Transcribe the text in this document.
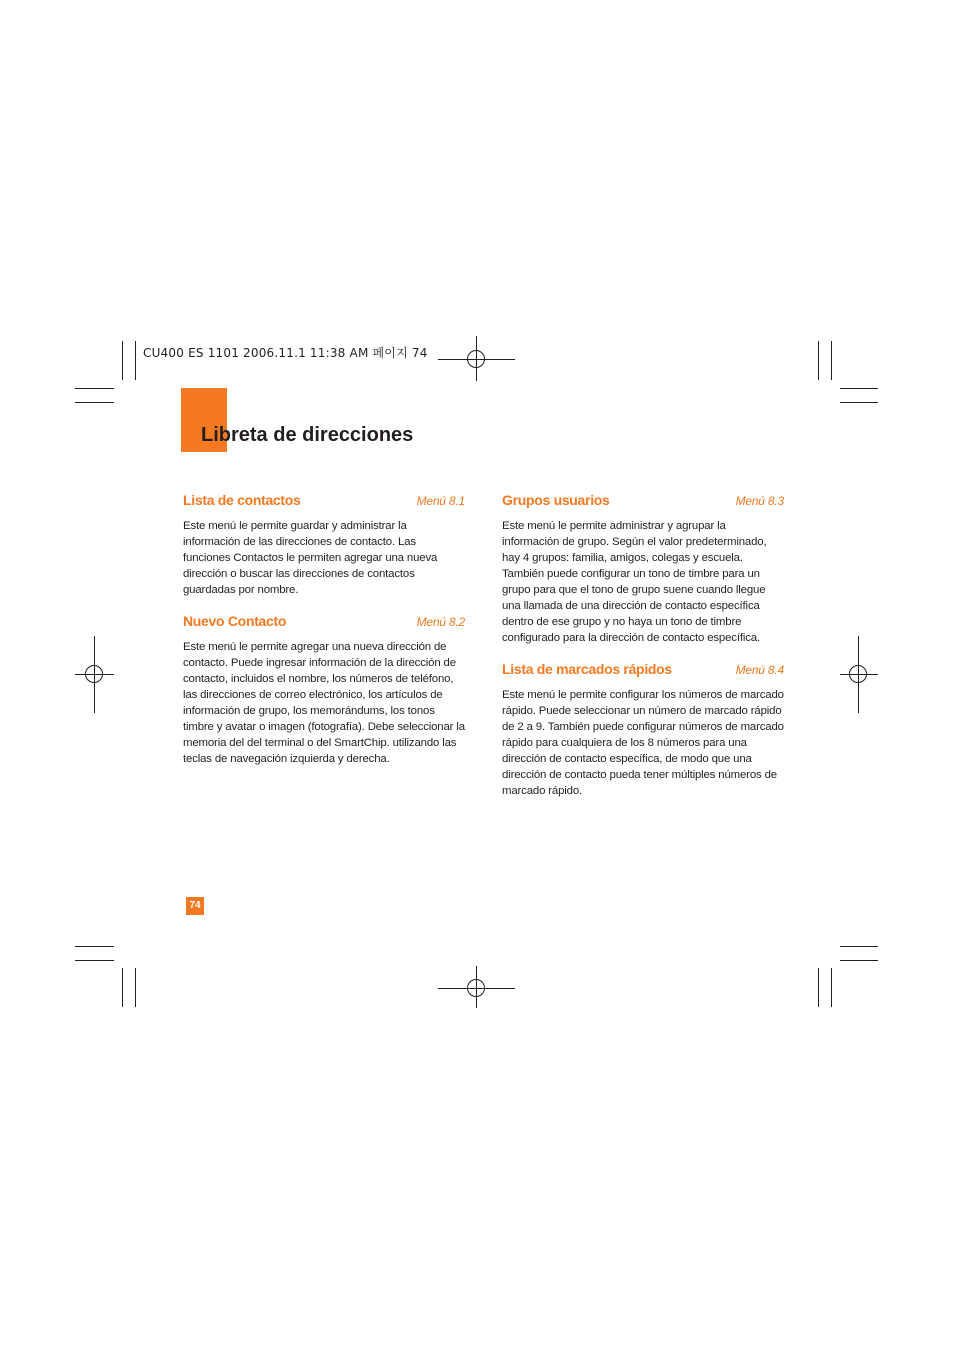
CU400 ES 1101 2006.11.1 11:38 AM 페이지 74
Libreta de direcciones
Lista de contactos	Menú 8.1
Este menú le permite guardar y administrar la información de las direcciones de contacto. Las funciones Contactos le permiten agregar una nueva dirección o buscar las direcciones de contactos guardadas por nombre.
Nuevo Contacto	Menú 8.2
Este menú le permite agregar una nueva dirección de contacto. Puede ingresar información de la dirección de contacto, incluidos el nombre, los números de teléfono, las direcciones de correo electrónico, los artículos de información de grupo, los memorándums, los tonos timbre y avatar o imagen (fotografía). Debe seleccionar la memoria del del terminal o del SmartChip. utilizando las teclas de navegación izquierda y derecha.
Grupos usuarios	Menú 8.3
Este menú le permite administrar y agrupar la información de grupo. Según el valor predeterminado, hay 4 grupos: familia, amigos, colegas y escuela. También puede configurar un tono de timbre para un grupo para que el tono de grupo suene cuando llegue una llamada de una dirección de contacto específica dentro de ese grupo y no haya un tono de timbre configurado para la dirección de contacto específica.
Lista de marcados rápidos	Menú 8.4
Este menú le permite configurar los números de marcado rápido. Puede seleccionar un número de marcado rápido de 2 a 9. También puede configurar números de marcado rápido para cualquiera de los 8 números para una dirección de contacto específica, de modo que una dirección de contacto pueda tener múltiples números de marcado rápido.
74
